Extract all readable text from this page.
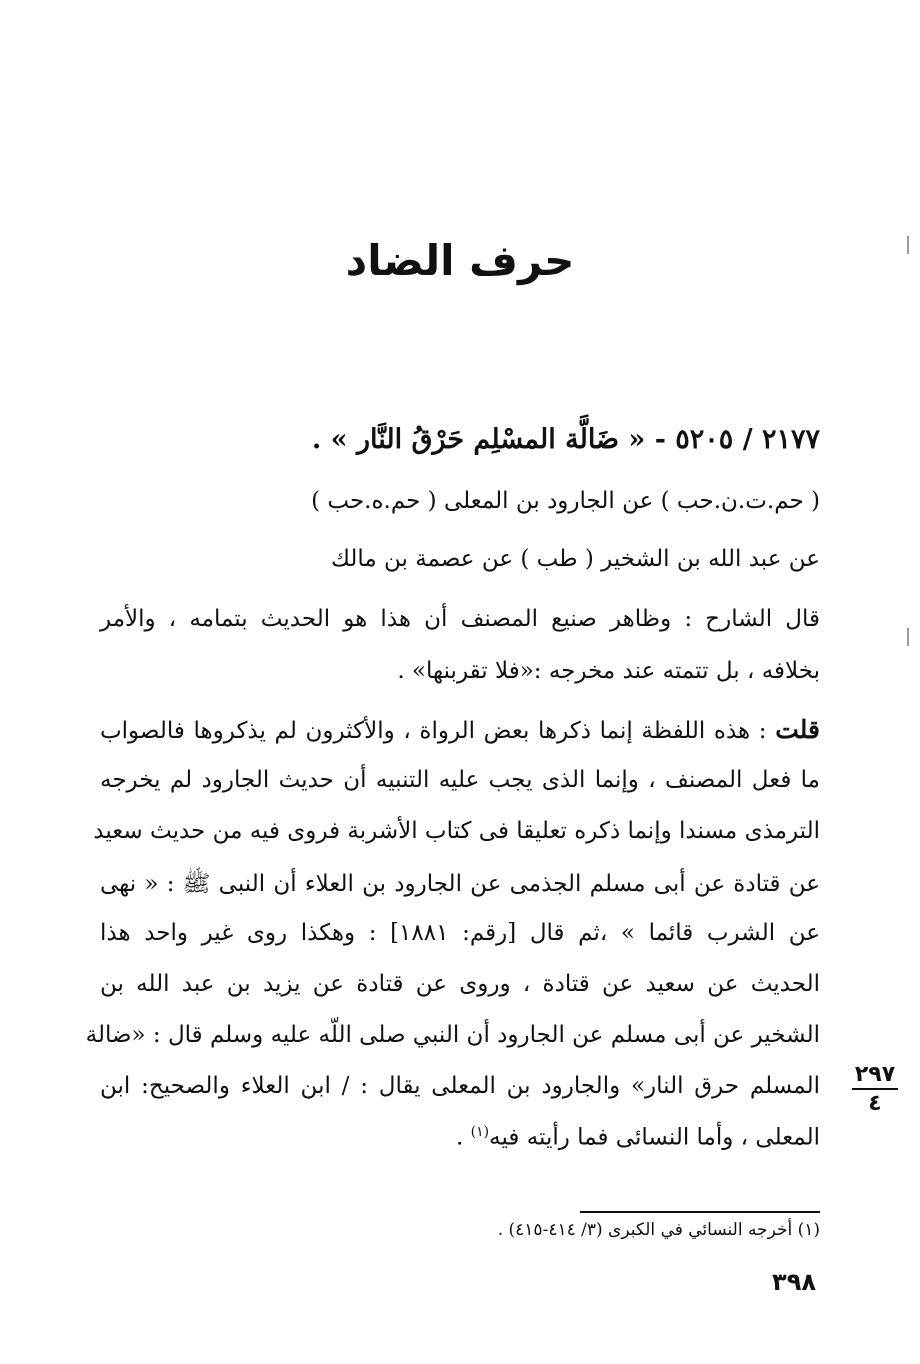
حرف الضاد
٢١٧٧ / ٥٢٠٥ - « ضَالَّة المسْلِم حَرْقُ النَّار » .
( حم.ت.ن.حب ) عن الجارود بن المعلى ( حم.ه.حب )
عن عبد الله بن الشخير ( طب ) عن عصمة بن مالك
قال الشارح : وظاهر صنيع المصنف أن هذا هو الحديث بتمامه ، والأمر
بخلافه ، بل تتمته عند مخرجه :«فلا تقربنها» .
قلت : هذه اللفظة إنما ذكرها بعض الرواة ، والأكثرون لم يذكروها فالصواب
ما فعل المصنف ، وإنما الذى يجب عليه التنبيه أن حديث الجارود لم يخرجه
الترمذى مسندا وإنما ذكره تعليقا فى كتاب الأشربة فروى فيه من حديث سعيد
عن قتادة عن أبى مسلم الجذمى عن الجارود بن العلاء أن النبى ﷺ : « نهى
عن الشرب قائما » ،ثم قال [رقم: ١٨٨١] : وهكذا روى غير واحد هذا
الحديث عن سعيد عن قتادة ، وروى عن قتادة عن يزيد بن عبد الله بن
الشخير عن أبى مسلم عن الجارود أن النبي صلى اللّه عليه وسلم قال : «ضالة
المسلم حرق النار» والجارود بن المعلى يقال : / ابن العلاء والصحيح: ابن
المعلى ، وأما النسائى فما رأيته فيه$^{(١)}$ .
٢٩٧
٤
(١) أخرجه النسائي في الكبرى (٣/ ٤١٤-٤١٥) .
٣٩٨
